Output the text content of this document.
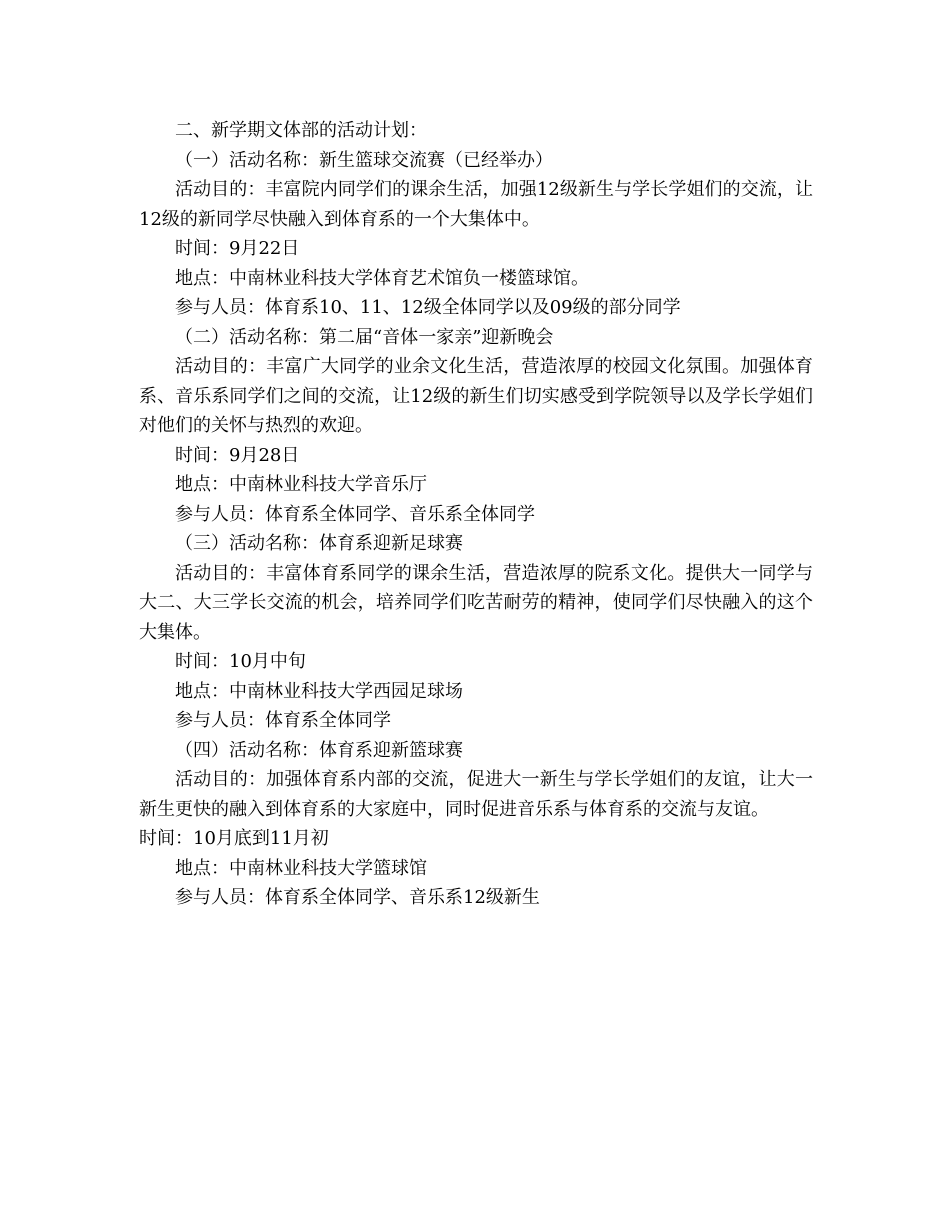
二、新学期文体部的活动计划：

（一）活动名称：新生篮球交流赛（已经举办）

活动目的：丰富院内同学们的课余生活，加强12级新生与学长学姐们的交流，让12级的新同学尽快融入到体育系的一个大集体中。

时间：9月22日

地点：中南林业科技大学体育艺术馆负一楼篮球馆。

参与人员：体育系10、11、12级全体同学以及09级的部分同学

（二）活动名称：第二届“音体一家亲”迎新晚会

活动目的：丰富广大同学的业余文化生活，营造浓厚的校园文化氛围。加强体育系、音乐系同学们之间的交流，让12级的新生们切实感受到学院领导以及学长学姐们对他们的关怀与热烈的欢迎。

时间：9月28日

地点：中南林业科技大学音乐厅

参与人员：体育系全体同学、音乐系全体同学

（三）活动名称：体育系迎新足球赛

活动目的：丰富体育系同学的课余生活，营造浓厚的院系文化。提供大一同学与大二、大三学长交流的机会，培养同学们吃苦耐劳的精神，使同学们尽快融入的这个大集体。

时间：10月中旬

地点：中南林业科技大学西园足球场

参与人员：体育系全体同学

（四）活动名称：体育系迎新篮球赛

活动目的：加强体育系内部的交流，促进大一新生与学长学姐们的友谊，让大一新生更快的融入到体育系的大家庭中，同时促进音乐系与体育系的交流与友谊。

时间：10月底到11月初

地点：中南林业科技大学篮球馆

参与人员：体育系全体同学、音乐系12级新生
